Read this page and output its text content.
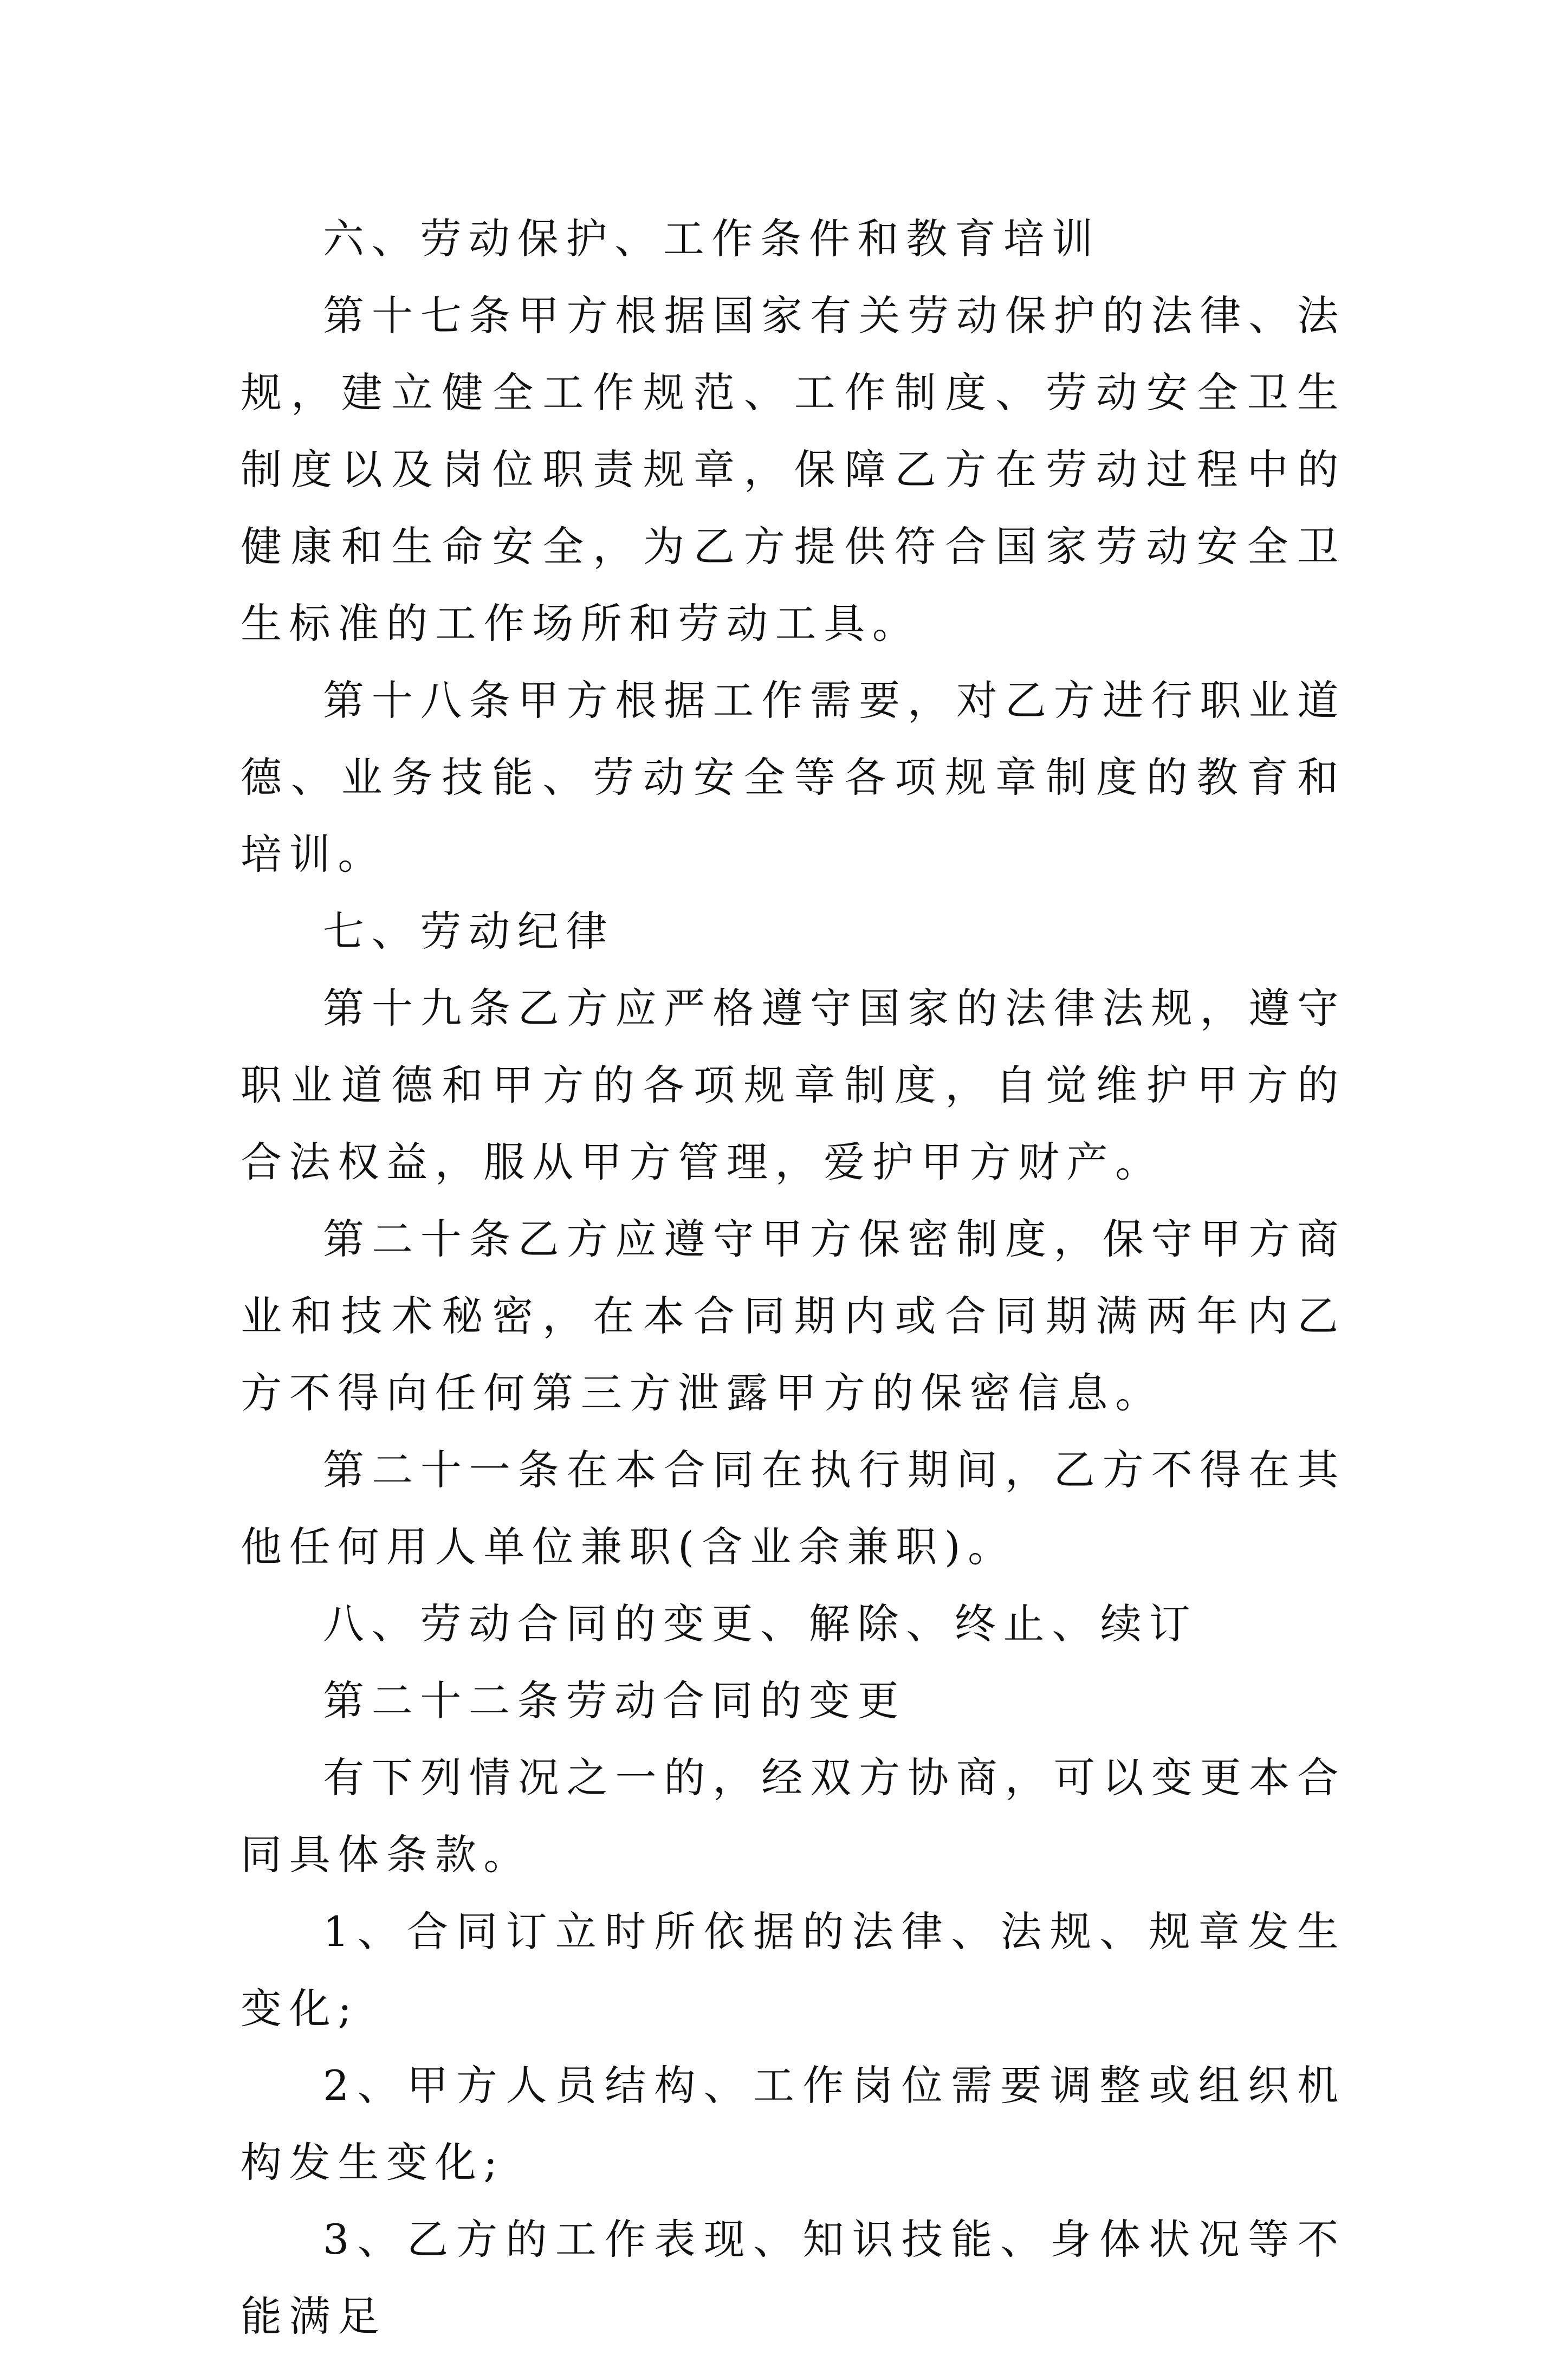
六、劳动保护、工作条件和教育培训

第十七条甲方根据国家有关劳动保护的法律、法规，建立健全工作规范、工作制度、劳动安全卫生制度以及岗位职责规章，保障乙方在劳动过程中的健康和生命安全，为乙方提供符合国家劳动安全卫生标准的工作场所和劳动工具。

第十八条甲方根据工作需要，对乙方进行职业道德、业务技能、劳动安全等各项规章制度的教育和培训。

七、劳动纪律

第十九条乙方应严格遵守国家的法律法规，遵守职业道德和甲方的各项规章制度，自觉维护甲方的合法权益，服从甲方管理，爱护甲方财产。

第二十条乙方应遵守甲方保密制度，保守甲方商业和技术秘密，在本合同期内或合同期满两年内乙方不得向任何第三方泄露甲方的保密信息。

第二十一条在本合同在执行期间，乙方不得在其他任何用人单位兼职(含业余兼职)。

八、劳动合同的变更、解除、终止、续订

第二十二条劳动合同的变更

有下列情况之一的，经双方协商，可以变更本合同具体条款。

1、合同订立时所依据的法律、法规、规章发生变化;

2、甲方人员结构、工作岗位需要调整或组织机构发生变化;

3、乙方的工作表现、知识技能、身体状况等不能满足
